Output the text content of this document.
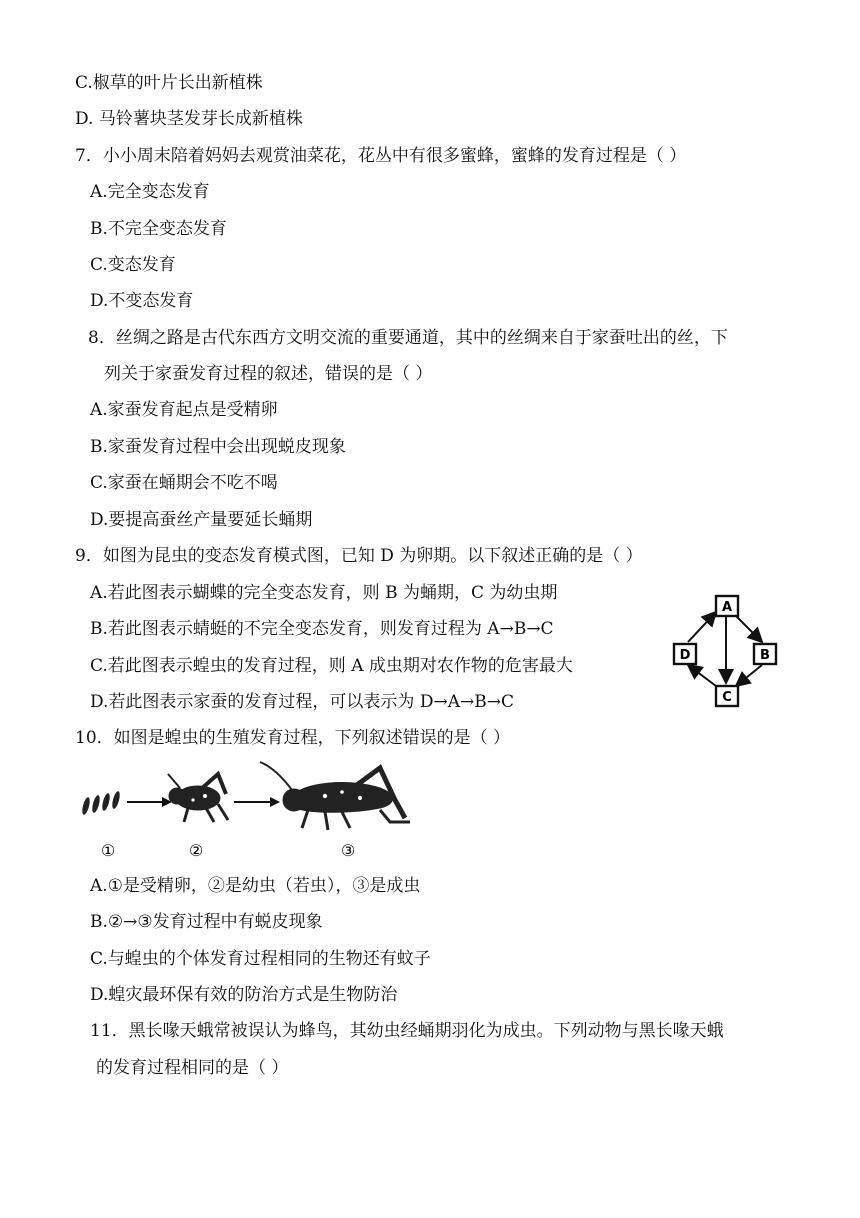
C.椒草的叶片长出新植株
D. 马铃薯块茎发芽长成新植株
7．小小周末陪着妈妈去观赏油菜花，花丛中有很多蜜蜂，蜜蜂的发育过程是（ ）
A.完全变态发育
B.不完全变态发育
C.变态发育
D.不变态发育
8．丝绸之路是古代东西方文明交流的重要通道，其中的丝绸来自于家蚕吐出的丝，下
列关于家蚕发育过程的叙述，错误的是（ ）
A.家蚕发育起点是受精卵
B.家蚕发育过程中会出现蜕皮现象
C.家蚕在蛹期会不吃不喝
D.要提高蚕丝产量要延长蛹期
9．如图为昆虫的变态发育模式图，已知 D 为卵期。以下叙述正确的是（ ）
A.若此图表示蝴蝶的完全变态发育，则 B 为蛹期，C 为幼虫期
B.若此图表示蜻蜓的不完全变态发育，则发育过程为 A→B→C
C.若此图表示蝗虫的发育过程，则 A 成虫期对农作物的危害最大
D.若此图表示家蚕的发育过程，可以表示为 D→A→B→C
A
B
C
D
10．如图是蝗虫的生殖发育过程，下列叙述错误的是（ ）
①	②	③
A.①是受精卵，②是幼虫（若虫），③是成虫
B.②→③发育过程中有蜕皮现象
C.与蝗虫的个体发育过程相同的生物还有蚊子
D.蝗灾最环保有效的防治方式是生物防治
11．黑长喙天蛾常被误认为蜂鸟，其幼虫经蛹期羽化为成虫。下列动物与黑长喙天蛾
的发育过程相同的是（ ）
